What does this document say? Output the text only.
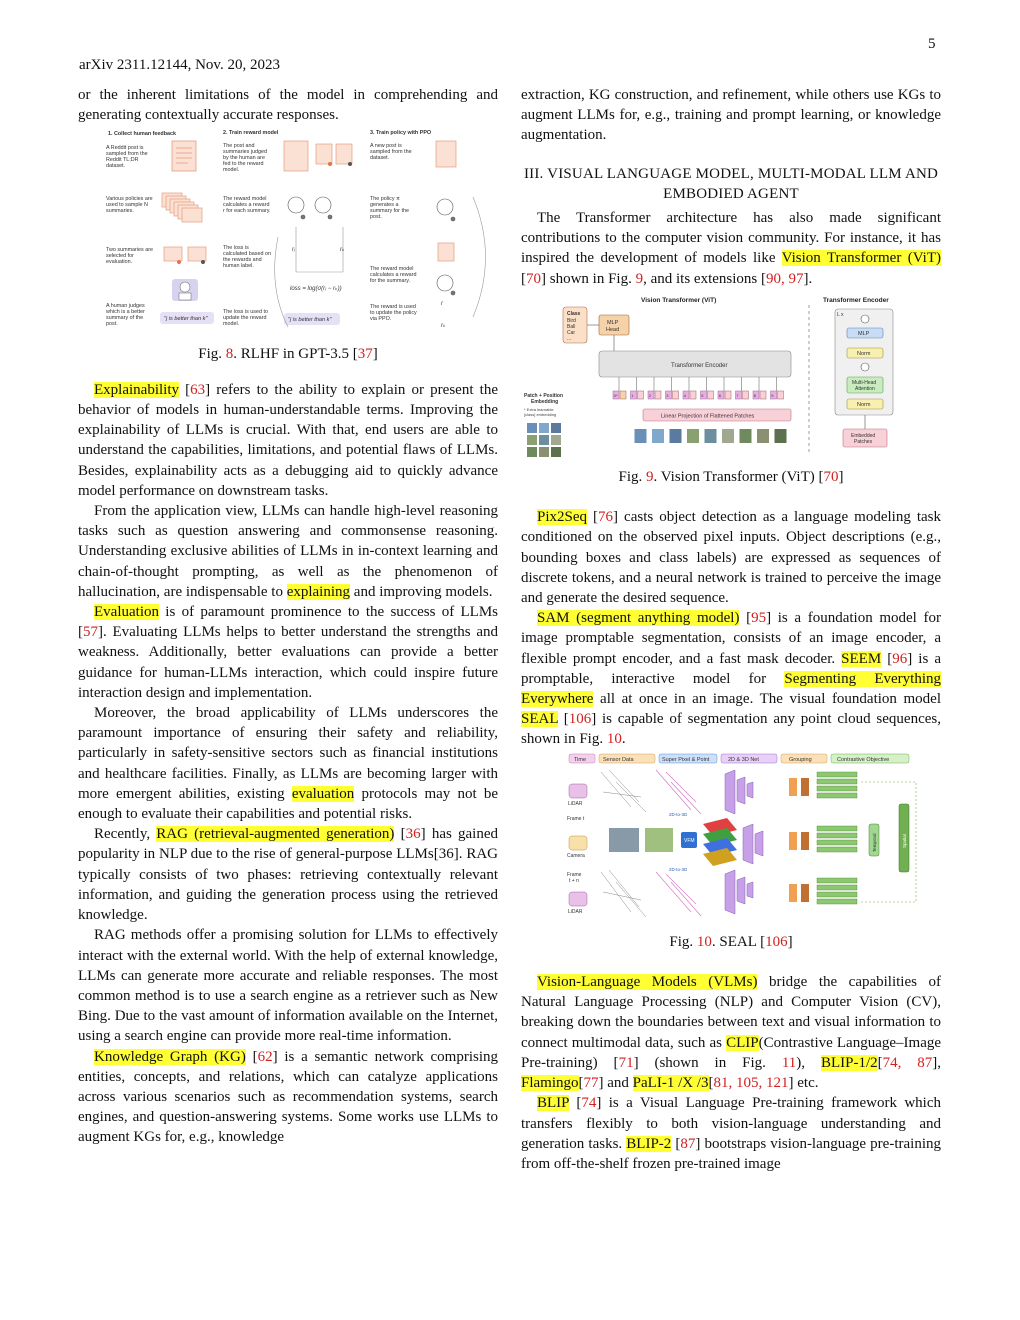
5
arXiv 2311.12144, Nov. 20, 2023

or the inherent limitations of the model in comprehending and generating contextually accurate responses.

1. Collect human feedback	2. Train reward model	3. Train policy with PPO
A Reddit post is
sampled from the
Reddit TL;DR
dataset.
Various policies are
used to sample N
summaries.
Two summaries are
selected for
evaluation.
A human judges
which is a better
summary of the
post.
The post and
summaries judged
by the human are
fed to the reward
model.
The reward model
calculates a reward
r for each summary.
The loss is
calculated based on
the rewards and
human label.
The loss is used to
update the reward
model.
A new post is
sampled from the
dataset.
The policy π
generates a
summary for the
post.
The reward model
calculates a reward
for the summary.
The reward is used
to update the policy
via PPO.
"j is better than k"
rⱼ	rₖ
loss = log(σ(rⱼ − rₖ))
"j is better than k"
r
rₖ

Fig. 8. RLHF in GPT-3.5 [37]

Explainability [63] refers to the ability to explain or present the behavior of models in human-understandable terms. Improving the explainability of LLMs is crucial. With that, end users are able to understand the capabilities, limitations, and potential flaws of LLMs. Besides, explainability acts as a debugging aid to quickly advance model performance on downstream tasks.

From the application view, LLMs can handle high-level reasoning tasks such as question answering and commonsense reasoning. Understanding exclusive abilities of LLMs in in-context learning and chain-of-thought prompting, as well as the phenomenon of hallucination, are indispensable to explaining and improving models.

Evaluation is of paramount prominence to the success of LLMs [57]. Evaluating LLMs helps to better understand the strengths and weakness. Additionally, better evaluations can provide a better guidance for human-LLMs interaction, which could inspire future interaction design and implementation.

Moreover, the broad applicability of LLMs underscores the paramount importance of ensuring their safety and reliability, particularly in safety-sensitive sectors such as financial institutions and healthcare facilities. Finally, as LLMs are becoming larger with more emergent abilities, existing evaluation protocols may not be enough to evaluate their capabilities and potential risks.

Recently, RAG (retrieval-augmented generation) [36] has gained popularity in NLP due to the rise of general-purpose LLMs[36]. RAG typically consists of two phases: retrieving contextually relevant information, and guiding the generation process using the retrieved knowledge.

RAG methods offer a promising solution for LLMs to effectively interact with the external world. With the help of external knowledge, LLMs can generate more accurate and reliable responses. The most common method is to use a search engine as a retriever such as New Bing. Due to the vast amount of information available on the Internet, using a search engine can provide more real-time information.

Knowledge Graph (KG) [62] is a semantic network comprising entities, concepts, and relations, which can catalyze applications across various scenarios such as recommendation systems, search engines, and question-answering systems. Some works use LLMs to augment KGs for, e.g., knowledge

extraction, KG construction, and refinement, while others use KGs to augment LLMs for, e.g., training and prompt learning, or knowledge augmentation.

III. VISUAL LANGUAGE MODEL, MULTI-MODAL LLM AND EMBODIED AGENT

The Transformer architecture has also made significant contributions to the computer vision community. For instance, it has inspired the development of models like Vision Transformer (ViT) [70] shown in Fig. 9, and its extensions [90, 97].

Vision Transformer (ViT)	Transformer Encoder
Class
Bird
Ball
Car
...
MLP
Head
Transformer Encoder
0*	1	2	3	4	5	6	7	8	9
Patch + Position
Embedding
* Extra learnable
[class] embedding	Linear Projection of Flattened Patches
L x
MLP
Norm
Multi-Head
Attention
Norm
Embedded
Patches

Fig. 9. Vision Transformer (ViT) [70]

Pix2Seq [76] casts object detection as a language modeling task conditioned on the observed pixel inputs. Object descriptions (e.g., bounding boxes and class labels) are expressed as sequences of discrete tokens, and a neural network is trained to perceive the image and generate the desired sequence.

SAM (segment anything model) [95] is a foundation model for image promptable segmentation, consists of an image encoder, a flexible prompt encoder, and a fast mask decoder. SEEM [96] is a promptable, interactive model for Segmenting Everything Everywhere all at once in an image. The visual foundation model SEAL [106] is capable of segmentation any point cloud sequences, shown in Fig. 10.

Time	Sensor Data	Super Pixel & Point	2D & 3D Net	Grouping	Contrastive Objective
LiDAR
Frame t
Camera
Frame
t + n
LiDAR
VFM
2D-to-3D
2D-to-3D
Temporal	Spatial

Fig. 10. SEAL [106]

Vision-Language Models (VLMs) bridge the capabilities of Natural Language Processing (NLP) and Computer Vision (CV), breaking down the boundaries between text and visual information to connect multimodal data, such as CLIP(Contrastive Language–Image Pre-training) [71] (shown in Fig. 11), BLIP-1/2[74, 87], Flamingo[77] and PaLI-1 /X /3[81, 105, 121] etc.

BLIP [74] is a Visual Language Pre-training framework which transfers flexibly to both vision-language understanding and generation tasks. BLIP-2 [87] bootstraps vision-language pre-training from off-the-shelf frozen pre-trained image
